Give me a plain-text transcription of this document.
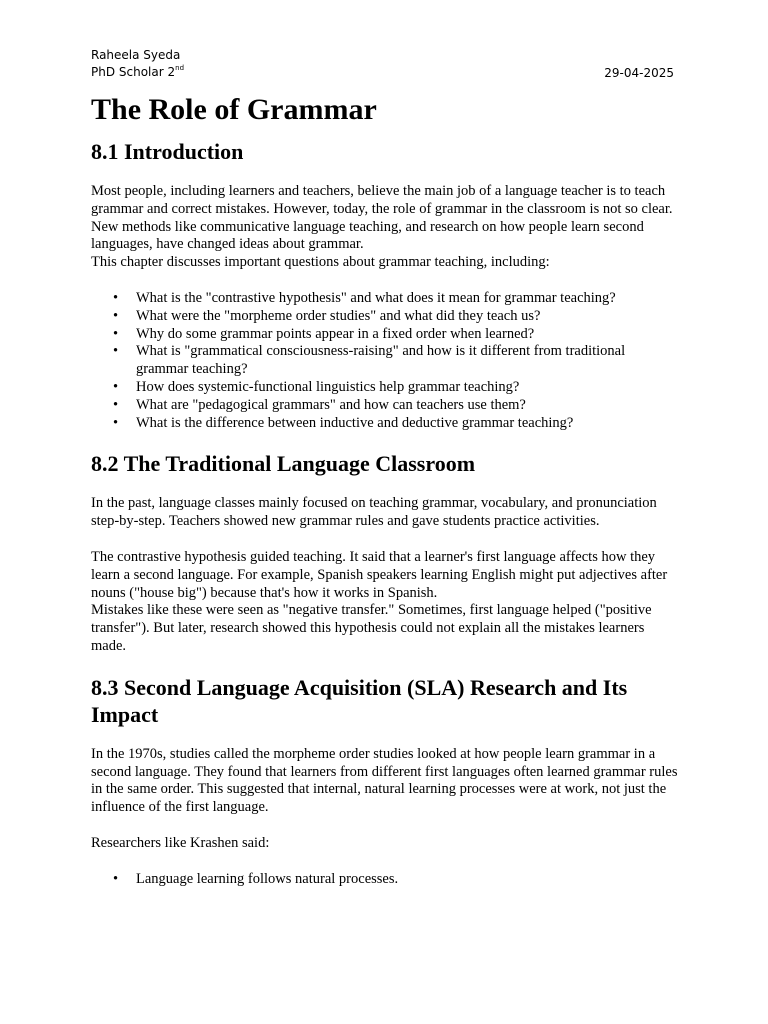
Raheela Syeda
PhD Scholar 2nd	29-04-2025
The Role of Grammar
8.1 Introduction

Most people, including learners and teachers, believe the main job of a language teacher is to teach grammar and correct mistakes. However, today, the role of grammar in the classroom is not so clear. New methods like communicative language teaching, and research on how people learn second languages, have changed ideas about grammar.

This chapter discusses important questions about grammar teaching, including:

• What is the "contrastive hypothesis" and what does it mean for grammar teaching?
• What were the "morpheme order studies" and what did they teach us?
• Why do some grammar points appear in a fixed order when learned?
• What is "grammatical consciousness-raising" and how is it different from traditional grammar teaching?
• How does systemic-functional linguistics help grammar teaching?
• What are "pedagogical grammars" and how can teachers use them?
• What is the difference between inductive and deductive grammar teaching?
8.2 The Traditional Language Classroom

In the past, language classes mainly focused on teaching grammar, vocabulary, and pronunciation step-by-step. Teachers showed new grammar rules and gave students practice activities.

The contrastive hypothesis guided teaching. It said that a learner's first language affects how they learn a second language. For example, Spanish speakers learning English might put adjectives after nouns ("house big") because that's how it works in Spanish.

Mistakes like these were seen as "negative transfer." Sometimes, first language helped ("positive transfer"). But later, research showed this hypothesis could not explain all the mistakes learners made.

8.3 Second Language Acquisition (SLA) Research and Its Impact

In the 1970s, studies called the morpheme order studies looked at how people learn grammar in a second language. They found that learners from different first languages often learned grammar rules in the same order. This suggested that internal, natural learning processes were at work, not just the influence of the first language.

Researchers like Krashen said:

• Language learning follows natural processes.
